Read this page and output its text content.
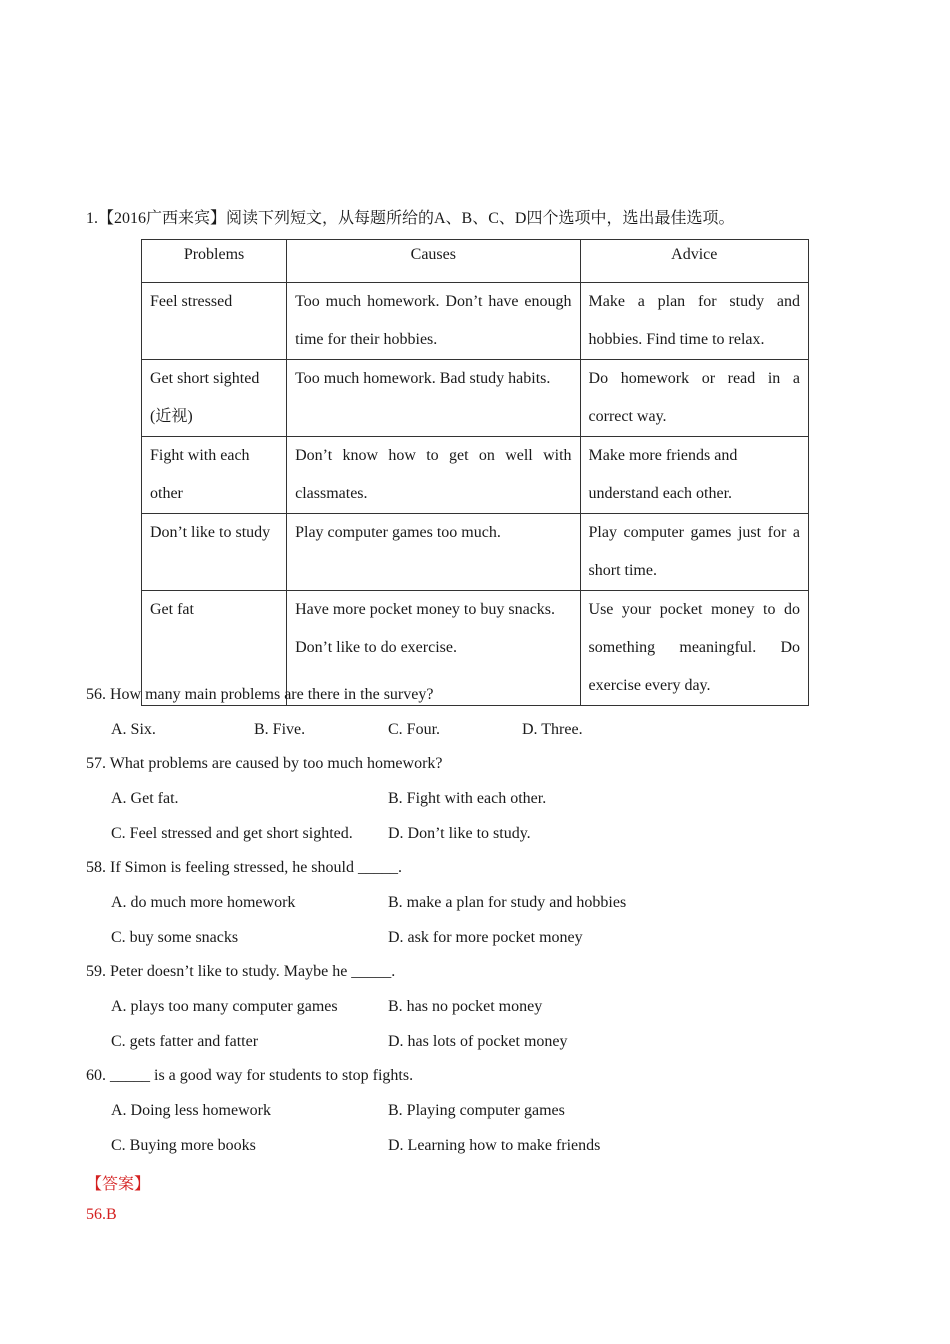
1.【2016广西来宾】阅读下列短文，从每题所给的A、B、C、D四个选项中，选出最佳选项。
Problems	Causes	Advice
Feel stressed	Too much homework. Don’t have enough time for their hobbies.	Make a plan for study and hobbies. Find time to relax.
Get short sighted (近视)	Too much homework. Bad study habits.	Do homework or read in a correct way.
Fight with each other	Don’t know how to get on well with classmates.	Make more friends and understand each other.
Don’t like to study	Play computer games too much.	Play computer games just for a short time.
Get fat	Have more pocket money to buy snacks. Don’t like to do exercise.	Use your pocket money to do something meaningful. Do exercise every day.
56. How many main problems are there in the survey?
A. Six.	B. Five.	C. Four.	D. Three.
57. What problems are caused by too much homework?
A. Get fat.	B. Fight with each other.
C. Feel stressed and get short sighted. D. Don’t like to study.
58. If Simon is feeling stressed, he should _____.
A. do much more homework	B. make a plan for study and hobbies
C. buy some snacks	D. ask for more pocket money
59. Peter doesn’t like to study. Maybe he _____.
A. plays too many computer games	B. has no pocket money
C. gets fatter and fatter	D. has lots of pocket money
60. _____ is a good way for students to stop fights.
A. Doing less homework	B. Playing computer games
C. Buying more books	D. Learning how to make friends
【答案】
56.B
